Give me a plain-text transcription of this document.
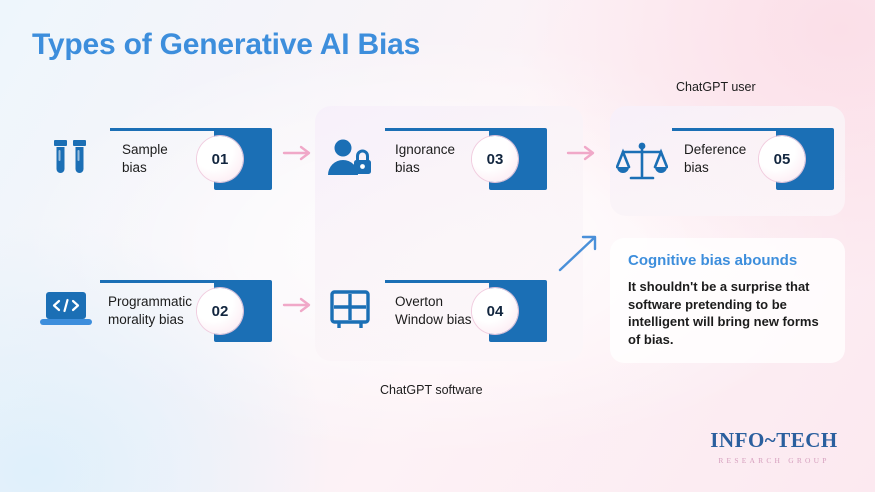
Types of Generative AI Bias
ChatGPT user
ChatGPT software
Sample
bias	01
Programmatic
morality bias	02
Ignorance
bias	03
Overton
Window bias	04
Deference
bias	05
Cognitive bias abounds
It shouldn't be a surprise that software pretending to be intelligent will bring new forms of bias.
INFO~TECH
RESEARCH GROUP
